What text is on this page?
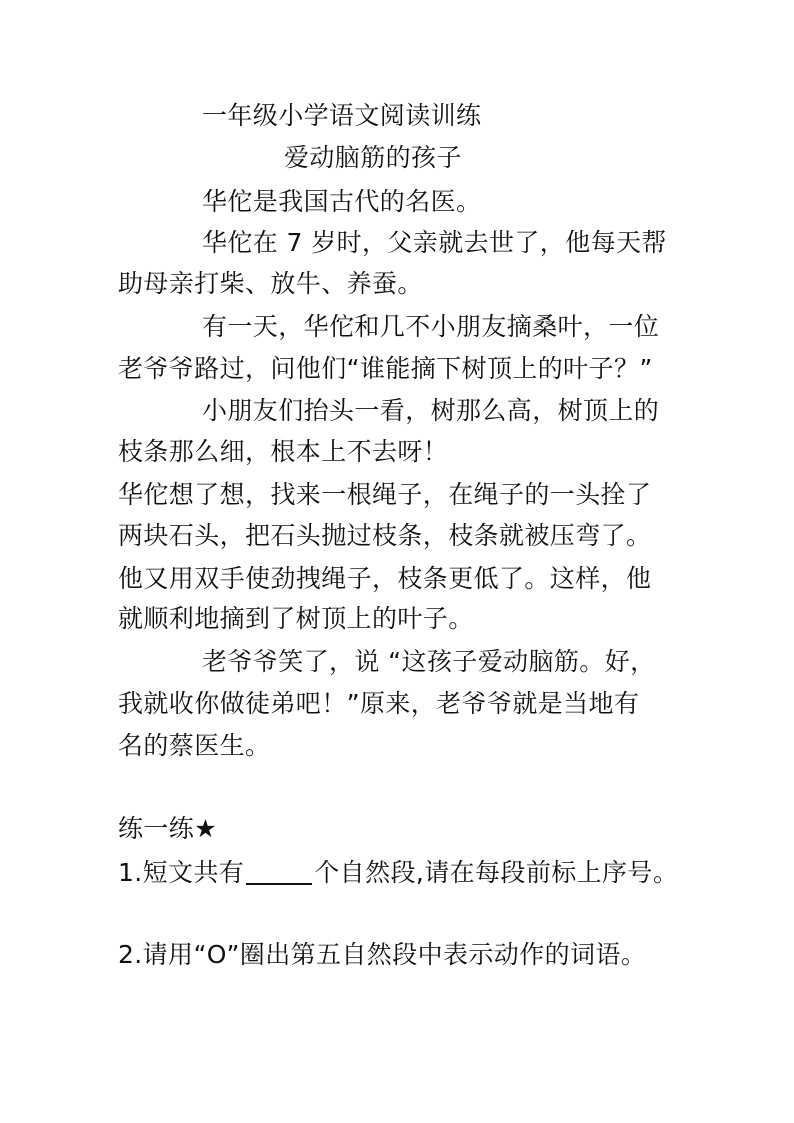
一年级小学语文阅读训练
爱动脑筋的孩子
华佗是我国古代的名医。
华佗在 7 岁时，父亲就去世了，他每天帮
助母亲打柴、放牛、养蚕。
有一天，华佗和几不小朋友摘桑叶，一位
老爷爷路过，问他们“谁能摘下树顶上的叶子？”
小朋友们抬头一看，树那么高，树顶上的
枝条那么细，根本上不去呀！
华佗想了想，找来一根绳子，在绳子的一头拴了
两块石头，把石头抛过枝条，枝条就被压弯了。
他又用双手使劲拽绳子，枝条更低了。这样，他
就顺利地摘到了树顶上的叶子。
老爷爷笑了，说 “这孩子爱动脑筋。好，
我就收你做徒弟吧！”原来，老爷爷就是当地有
名的蔡医生。
练一练★
1.短文共有	个自然段,请在每段前标上序号。
2.请用“O”圈出第五自然段中表示动作的词语。
